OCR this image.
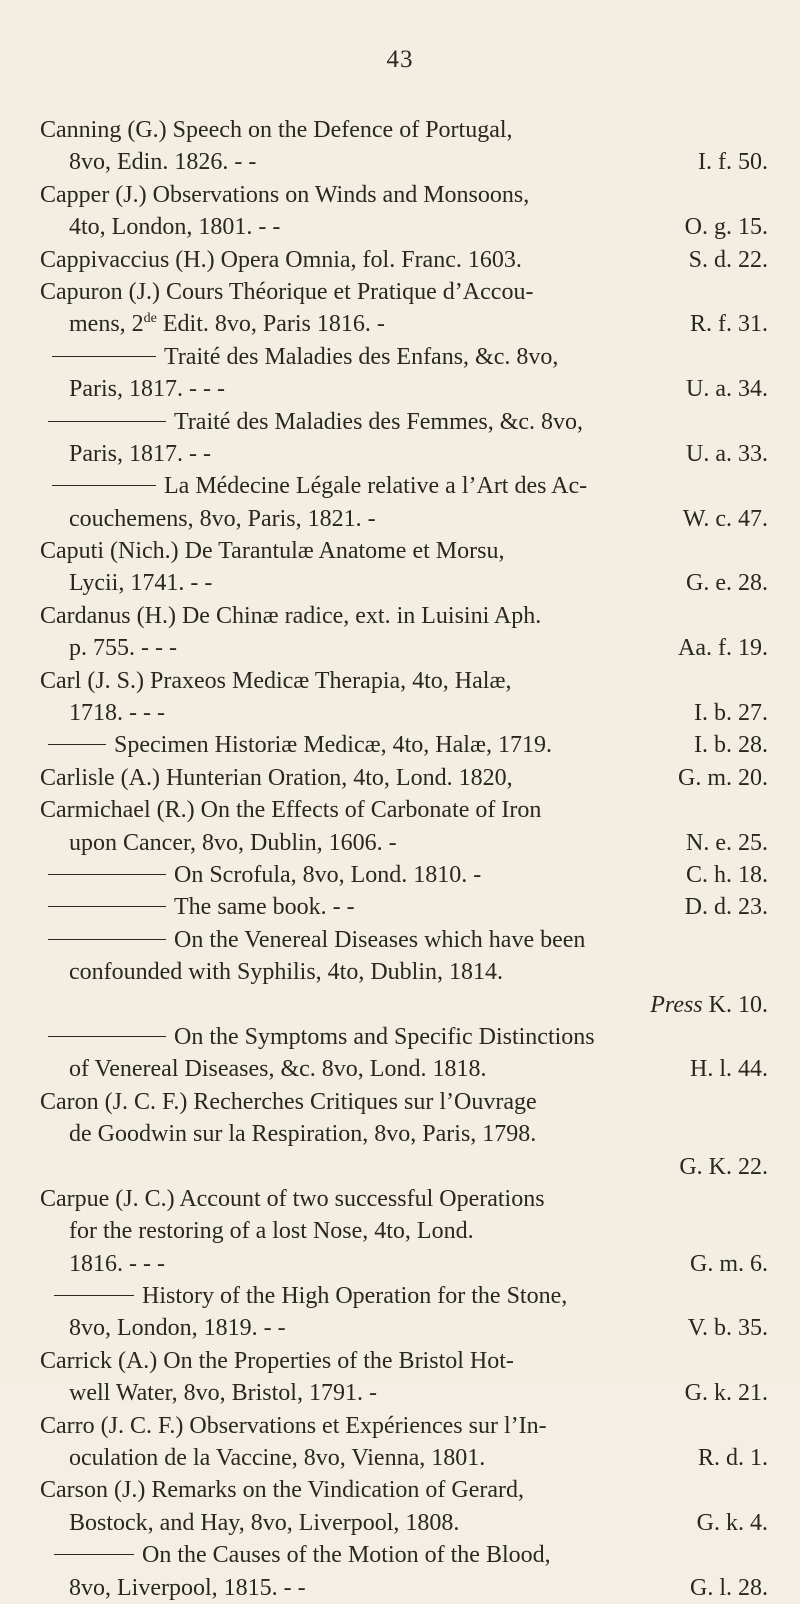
43
Canning (G.) Speech on the Defence of Portugal,
8vo, Edin. 1826. - -	I. f. 50.
Capper (J.) Observations on Winds and Monsoons,
4to, London, 1801. - -	O. g. 15.
Cappivaccius (H.) Opera Omnia, fol. Franc. 1603.	S. d. 22.
Capuron (J.) Cours Théorique et Pratique d’Accou-
mens, 2de Edit. 8vo, Paris 1816. -	R. f. 31.
Traité des Maladies des Enfans, &c. 8vo,
Paris, 1817. - - -	U. a. 34.
Traité des Maladies des Femmes, &c. 8vo,
Paris, 1817. - -	U. a. 33.
La Médecine Légale relative a l’Art des Ac-
couchemens, 8vo, Paris, 1821. -	W. c. 47.
Caputi (Nich.) De Tarantulæ Anatome et Morsu,
Lycii, 1741. - -	G. e. 28.
Cardanus (H.) De Chinæ radice, ext. in Luisini Aph.
p. 755. - - -	Aa. f. 19.
Carl (J. S.) Praxeos Medicæ Therapia, 4to, Halæ,
1718. - - -	I. b. 27.
Specimen Historiæ Medicæ, 4to, Halæ, 1719.	I. b. 28.
Carlisle (A.) Hunterian Oration, 4to, Lond. 1820,	G. m. 20.
Carmichael (R.) On the Effects of Carbonate of Iron
upon Cancer, 8vo, Dublin, 1606. -	N. e. 25.
On Scrofula, 8vo, Lond. 1810. -	C. h. 18.
The same book. - -	D. d. 23.
On the Venereal Diseases which have been
confounded with Syphilis, 4to, Dublin, 1814.
Press K. 10.
On the Symptoms and Specific Distinctions
of Venereal Diseases, &c. 8vo, Lond. 1818.	H. l. 44.
Caron (J. C. F.) Recherches Critiques sur l’Ouvrage
de Goodwin sur la Respiration, 8vo, Paris, 1798.
G. K. 22.
Carpue (J. C.) Account of two successful Operations
for the restoring of a lost Nose, 4to, Lond.
1816. - - -	G. m. 6.
History of the High Operation for the Stone,
8vo, London, 1819. - -	V. b. 35.
Carrick (A.) On the Properties of the Bristol Hot-
well Water, 8vo, Bristol, 1791. -	G. k. 21.
Carro (J. C. F.) Observations et Expériences sur l’In-
oculation de la Vaccine, 8vo, Vienna, 1801.	R. d. 1.
Carson (J.) Remarks on the Vindication of Gerard,
Bostock, and Hay, 8vo, Liverpool, 1808.	G. k. 4.
On the Causes of the Motion of the Blood,
8vo, Liverpool, 1815. - -	G. l. 28.
